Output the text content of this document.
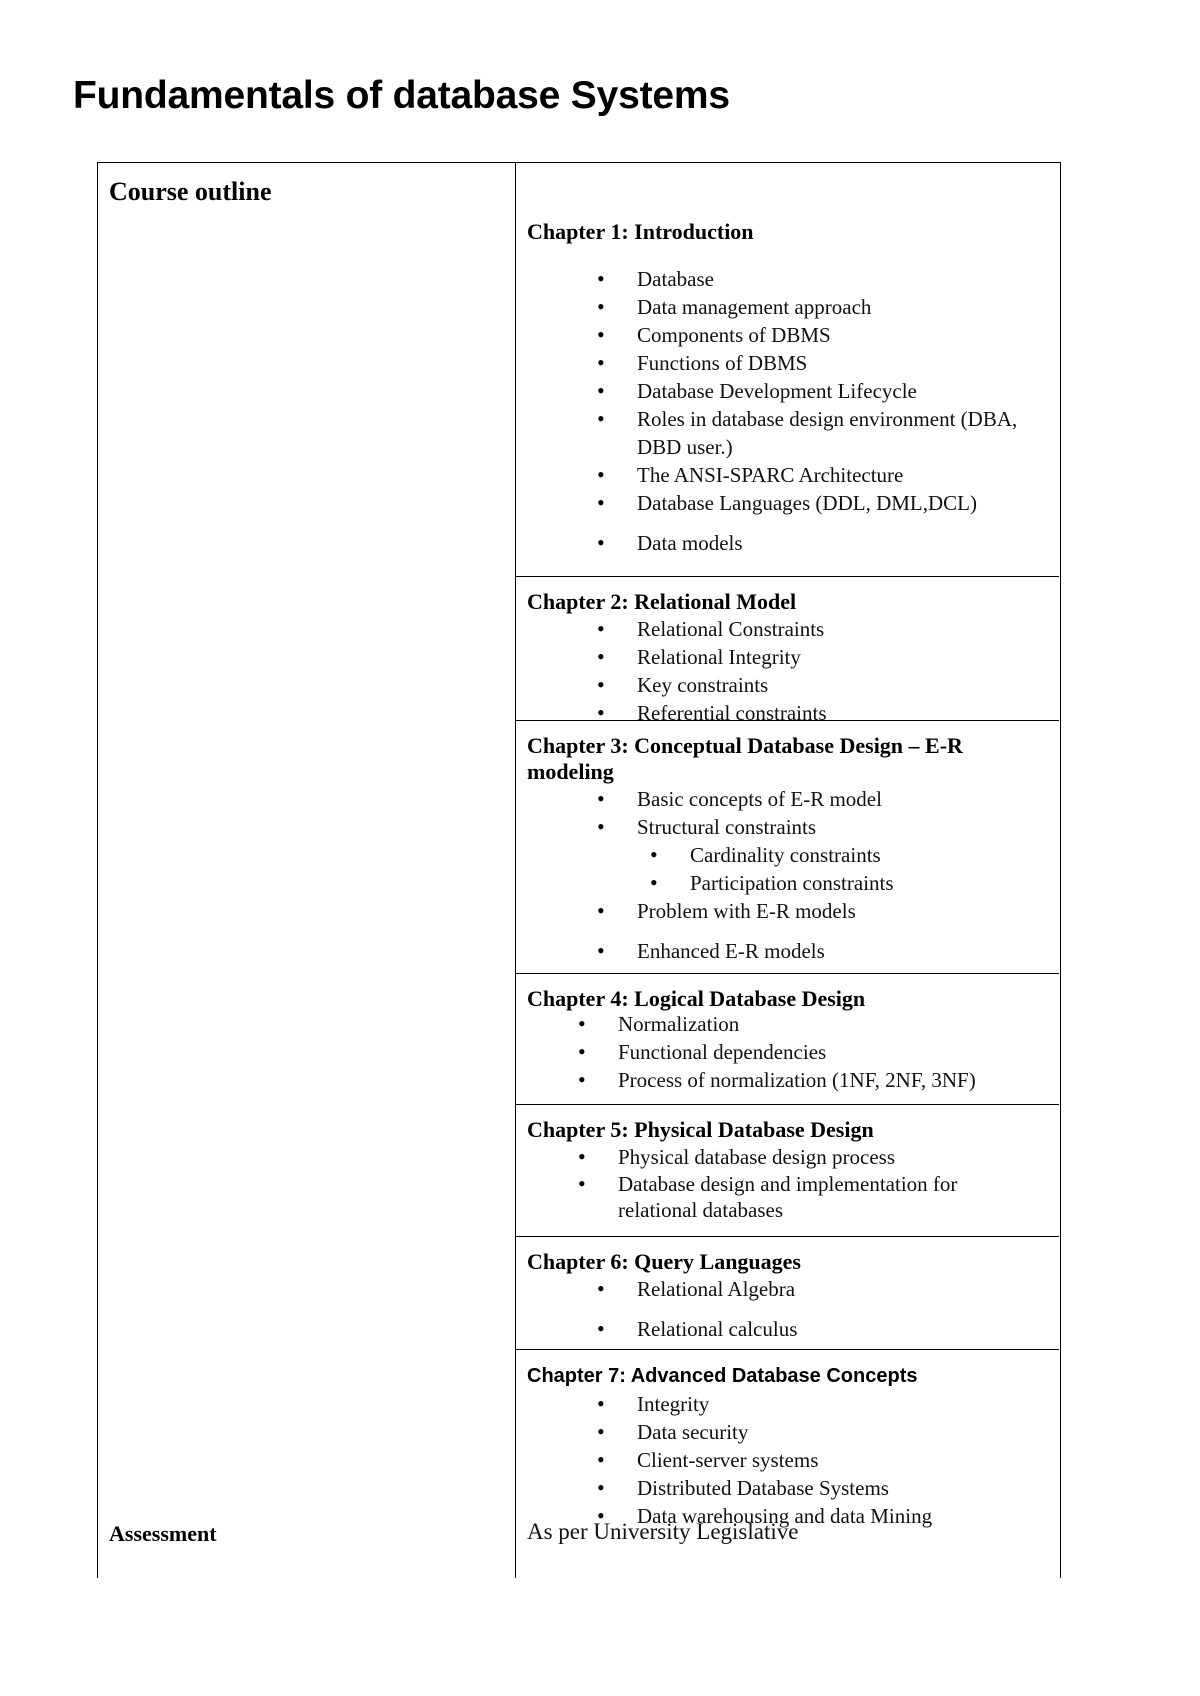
Fundamentals of database Systems
Course outline
Assessment
Chapter 1: Introduction
• Database
• Data management approach
• Components of DBMS
• Functions of DBMS
• Database Development Lifecycle
• Roles in database design environment (DBA, DBD user.)
• The ANSI-SPARC Architecture
• Database Languages (DDL, DML,DCL)
• Data models
Chapter 2: Relational Model
• Relational Constraints
• Relational Integrity
• Key constraints
• Referential constraints
Chapter 3: Conceptual Database Design – E-R modeling
• Basic concepts of E-R model
• Structural constraints
• Cardinality constraints
• Participation constraints
• Problem with E-R models
• Enhanced E-R models
Chapter 4: Logical Database Design
• Normalization
• Functional dependencies
• Process of normalization (1NF, 2NF, 3NF)
Chapter 5: Physical Database Design
• Physical database design process
• Database design and implementation for relational databases
Chapter 6: Query Languages
• Relational Algebra
• Relational calculus
Chapter 7: Advanced Database Concepts
• Integrity
• Data security
• Client-server systems
• Distributed Database Systems
• Data warehousing and data Mining
As per University Legislative
